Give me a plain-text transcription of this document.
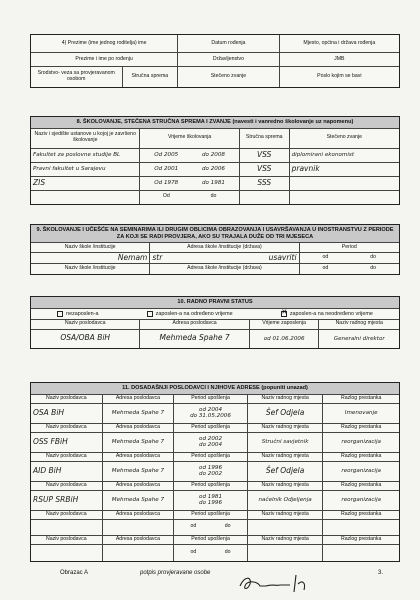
4) Prezime (ime jednog roditelja) ime	Datum rođenja	Mjesto, općina i država rođenja
Prezime i ime po rođenju	Državljenstvo	JMB
Srodstvo- veza sa provjeravanom osobom	Stručna sprema	Stečeno zvanje	Poslo kojim se bavi
8. ŠKOLOVANJE, STEČENA STRUČNA SPREMA I ZVANJE (navesti i vanredno školovanje uz napomenu)
Naziv i sjedište ustanove u kojoj je završeno školovanje	Vrijeme školovanja	Stručna sprema	Stečeno zvanje
Fakultet za poslovne studije BL	Od 2005	do 2008	VSS	diplomirani ekonomist
Pravni fakultet u Sarajevu	Od 2001	do 2006	VSS	pravnik
ZIS	Od 1978	do 1981	SSS
Od	do
9. ŠKOLOVANJE I UČEŠĆE NA SEMINARIMA ILI DRUGIM OBLICIMA OBRAZOVANJA I USAVRŠAVANJA U INOSTRANSTVU Z PERIODE ZA KOJI SE RADI PROVJERA, AKO SU TRAJALA DUŽE OD TRI MJESECA
Naziv škole /institucije	Adresa škole /institucije (država)	Period
Nemam str	usavriti	od	do
Naziv škole /institucije	Adresa škole /institucije (država)	od	do
10. RADNO PRAVNI STATUS
nezaposlen-a	zaposlen-a na određeno vrijeme
✕	zaposlen-a na neodređeno vrijeme
Naziv poslodavca	Adresa poslodavca	Vrijeme zaposlenja	Naziv radnog mjesta
OSA/OBA BiH	Mehmeda Spahe 7	od 01.06.2006	Generalni direktor
11. DOSADAŠNJI POSLODAVCI I NJIHOVE ADRESE (popuniti unazad)
Naziv poslodavca	Adresa poslodavca	Period upošlenja	Naziv radnog mjesta	Razlog prestanka
OSA BiH	Mehmeda Spahe 7
od 2004
do 31.05.2006	Šef Odjela	Imenovanje
Naziv poslodavca	Adresa poslodavca	Period upošlenja	Naziv radnog mjesta	Razlog prestanka
OSS FBiH	Mehmeda Spahe 7
od 2002
do 2004
Stručni savjetnik	reorganizacija
Naziv poslodavca	Adresa poslodavca	Period upošlenja	Naziv radnog mjesta	Razlog prestanka
AID BiH	Mehmeda Spahe 7
od 1996
do 2002	Šef Odjela	reorganizacija
Naziv poslodavca	Adresa poslodavca	Period upošlenja	Naziv radnog mjesta	Razlog prestanka
RSUP SRBiH	Mehmeda Spahe 7
od 1981
do 1996
načelnik Odjeljenja	reorganizacija
Naziv poslodavca	Adresa poslodavca	Period upošlenja	Naziv radnog mjesta	Razlog prestanka
od	do
Naziv poslodavca	Adresa poslodavca	Period upošlenja	Naziv radnog mjesta	Razlog prestanka
od	do
Obrazac A	potpis provjeravane osobe	3.
